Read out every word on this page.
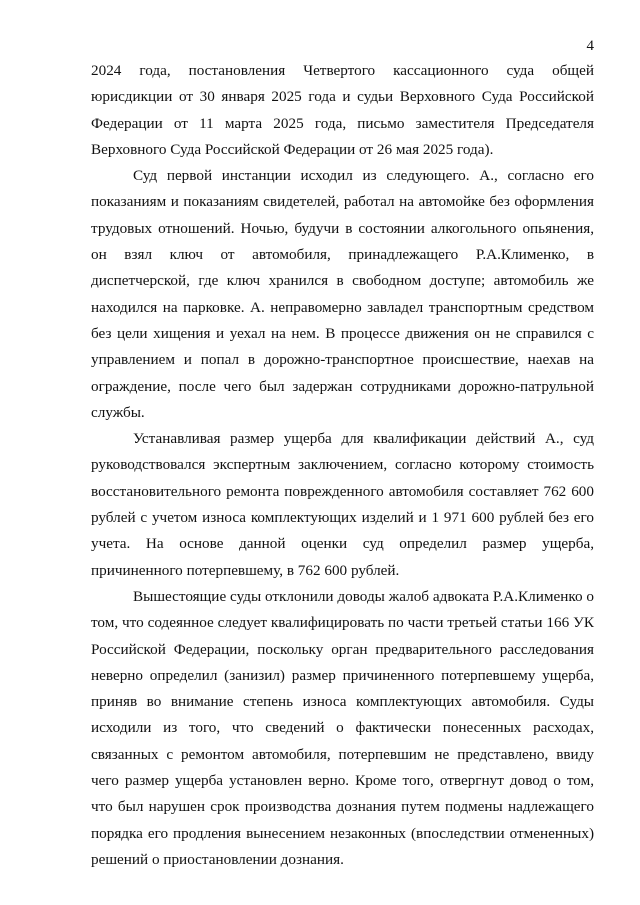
4

2024 года, постановления Четвертого кассационного суда общей юрисдикции от 30 января 2025 года и судьи Верховного Суда Российской Федерации от 11 марта 2025 года, письмо заместителя Председателя Верховного Суда Российской Федерации от 26 мая 2025 года).

Суд первой инстанции исходил из следующего. А., согласно его показаниям и показаниям свидетелей, работал на автомойке без оформления трудовых отношений. Ночью, будучи в состоянии алкогольного опьянения, он взял ключ от автомобиля, принадлежащего Р.А.Клименко, в диспетчерской, где ключ хранился в свободном доступе; автомобиль же находился на парковке. А. неправомерно завладел транспортным средством без цели хищения и уехал на нем. В процессе движения он не справился с управлением и попал в дорожно-транспортное происшествие, наехав на ограждение, после чего был задержан сотрудниками дорожно-патрульной службы.

Устанавливая размер ущерба для квалификации действий А., суд руководствовался экспертным заключением, согласно которому стоимость восстановительного ремонта поврежденного автомобиля составляет 762 600 рублей с учетом износа комплектующих изделий и 1 971 600 рублей без его учета. На основе данной оценки суд определил размер ущерба, причиненного потерпевшему, в 762 600 рублей.

Вышестоящие суды отклонили доводы жалоб адвоката Р.А.Клименко о том, что содеянное следует квалифицировать по части третьей статьи 166 УК Российской Федерации, поскольку орган предварительного расследования неверно определил (занизил) размер причиненного потерпевшему ущерба, приняв во внимание степень износа комплектующих автомобиля. Суды исходили из того, что сведений о фактически понесенных расходах, связанных с ремонтом автомобиля, потерпевшим не представлено, ввиду чего размер ущерба установлен верно. Кроме того, отвергнут довод о том, что был нарушен срок производства дознания путем подмены надлежащего порядка его продления вынесением незаконных (впоследствии отмененных) решений о приостановлении дознания.
